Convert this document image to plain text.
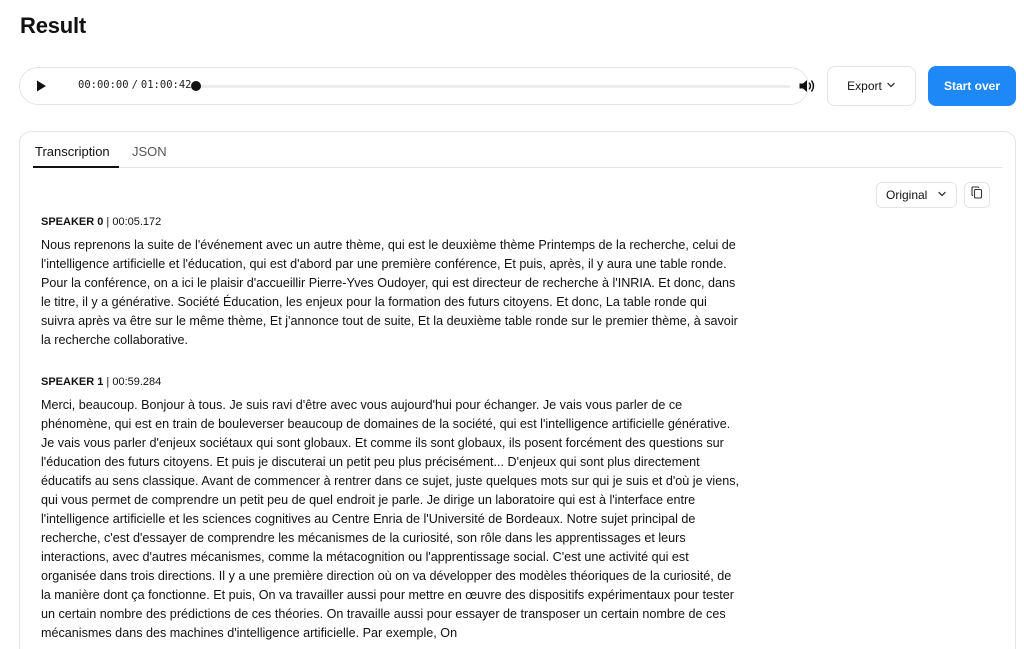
Result
00:00:00 / 01:00:42	Export	Start over
Transcription JSON
Original
SPEAKER 0 | 00:05.172

Nous reprenons la suite de l'événement avec un autre thème, qui est le deuxième thème Printemps de la recherche, celui de l'intelligence artificielle et l'éducation, qui est d'abord par une première conférence, Et puis, après, il y aura une table ronde. Pour la conférence, on a ici le plaisir d'accueillir Pierre-Yves Oudoyer, qui est directeur de recherche à l'INRIA. Et donc, dans le titre, il y a générative. Société Éducation, les enjeux pour la formation des futurs citoyens. Et donc, La table ronde qui suivra après va être sur le même thème, Et j'annonce tout de suite, Et la deuxième table ronde sur le premier thème, à savoir la recherche collaborative.

SPEAKER 1 | 00:59.284

Merci, beaucoup. Bonjour à tous. Je suis ravi d'être avec vous aujourd'hui pour échanger. Je vais vous parler de ce phénomène, qui est en train de bouleverser beaucoup de domaines de la société, qui est l'intelligence artificielle générative. Je vais vous parler d'enjeux sociétaux qui sont globaux. Et comme ils sont globaux, ils posent forcément des questions sur l'éducation des futurs citoyens. Et puis je discuterai un petit peu plus précisément... D'enjeux qui sont plus directement éducatifs au sens classique. Avant de commencer à rentrer dans ce sujet, juste quelques mots sur qui je suis et d'où je viens, qui vous permet de comprendre un petit peu de quel endroit je parle. Je dirige un laboratoire qui est à l'interface entre l'intelligence artificielle et les sciences cognitives au Centre Enria de l'Université de Bordeaux. Notre sujet principal de recherche, c'est d'essayer de comprendre les mécanismes de la curiosité, son rôle dans les apprentissages et leurs interactions, avec d'autres mécanismes, comme la métacognition ou l'apprentissage social. C'est une activité qui est organisée dans trois directions. Il y a une première direction où on va développer des modèles théoriques de la curiosité, de la manière dont ça fonctionne. Et puis, On va travailler aussi pour mettre en œuvre des dispositifs expérimentaux pour tester un certain nombre des prédictions de ces théories. On travaille aussi pour essayer de transposer un certain nombre de ces mécanismes dans des machines d'intelligence artificielle. Par exemple, On
